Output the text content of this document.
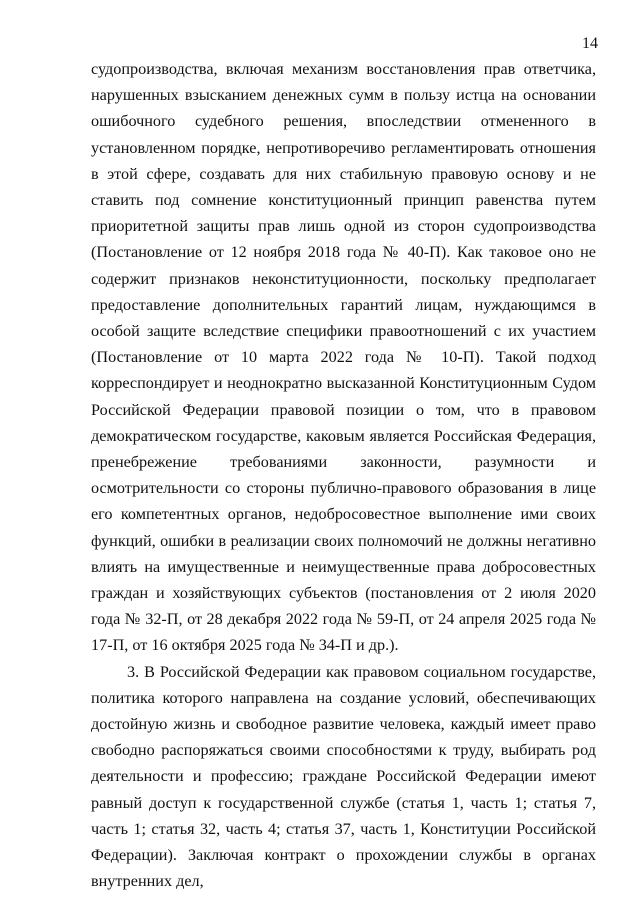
14

судопроизводства, включая механизм восстановления прав ответчика, нарушенных взысканием денежных сумм в пользу истца на основании ошибочного судебного решения, впоследствии отмененного в установленном порядке, непротиворечиво регламентировать отношения в этой сфере, создавать для них стабильную правовую основу и не ставить под сомнение конституционный принцип равенства путем приоритетной защиты прав лишь одной из сторон судопроизводства (Постановление от 12 ноября 2018 года № 40-П). Как таковое оно не содержит признаков неконституционности, поскольку предполагает предоставление дополнительных гарантий лицам, нуждающимся в особой защите вследствие специфики правоотношений с их участием (Постановление от 10 марта 2022 года № 10-П). Такой подход корреспондирует и неоднократно высказанной Конституционным Судом Российской Федерации правовой позиции о том, что в правовом демократическом государстве, каковым является Российская Федерация, пренебрежение требованиями законности, разумности и осмотрительности со стороны публично-правового образования в лице его компетентных органов, недобросовестное выполнение ими своих функций, ошибки в реализации своих полномочий не должны негативно влиять на имущественные и неимущественные права добросовестных граждан и хозяйствующих субъектов (постановления от 2 июля 2020 года № 32-П, от 28 декабря 2022 года № 59-П, от 24 апреля 2025 года № 17-П, от 16 октября 2025 года № 34-П и др.).

3. В Российской Федерации как правовом социальном государстве, политика которого направлена на создание условий, обеспечивающих достойную жизнь и свободное развитие человека, каждый имеет право свободно распоряжаться своими способностями к труду, выбирать род деятельности и профессию; граждане Российской Федерации имеют равный доступ к государственной службе (статья 1, часть 1; статья 7, часть 1; статья 32, часть 4; статья 37, часть 1, Конституции Российской Федерации). Заключая контракт о прохождении службы в органах внутренних дел,
